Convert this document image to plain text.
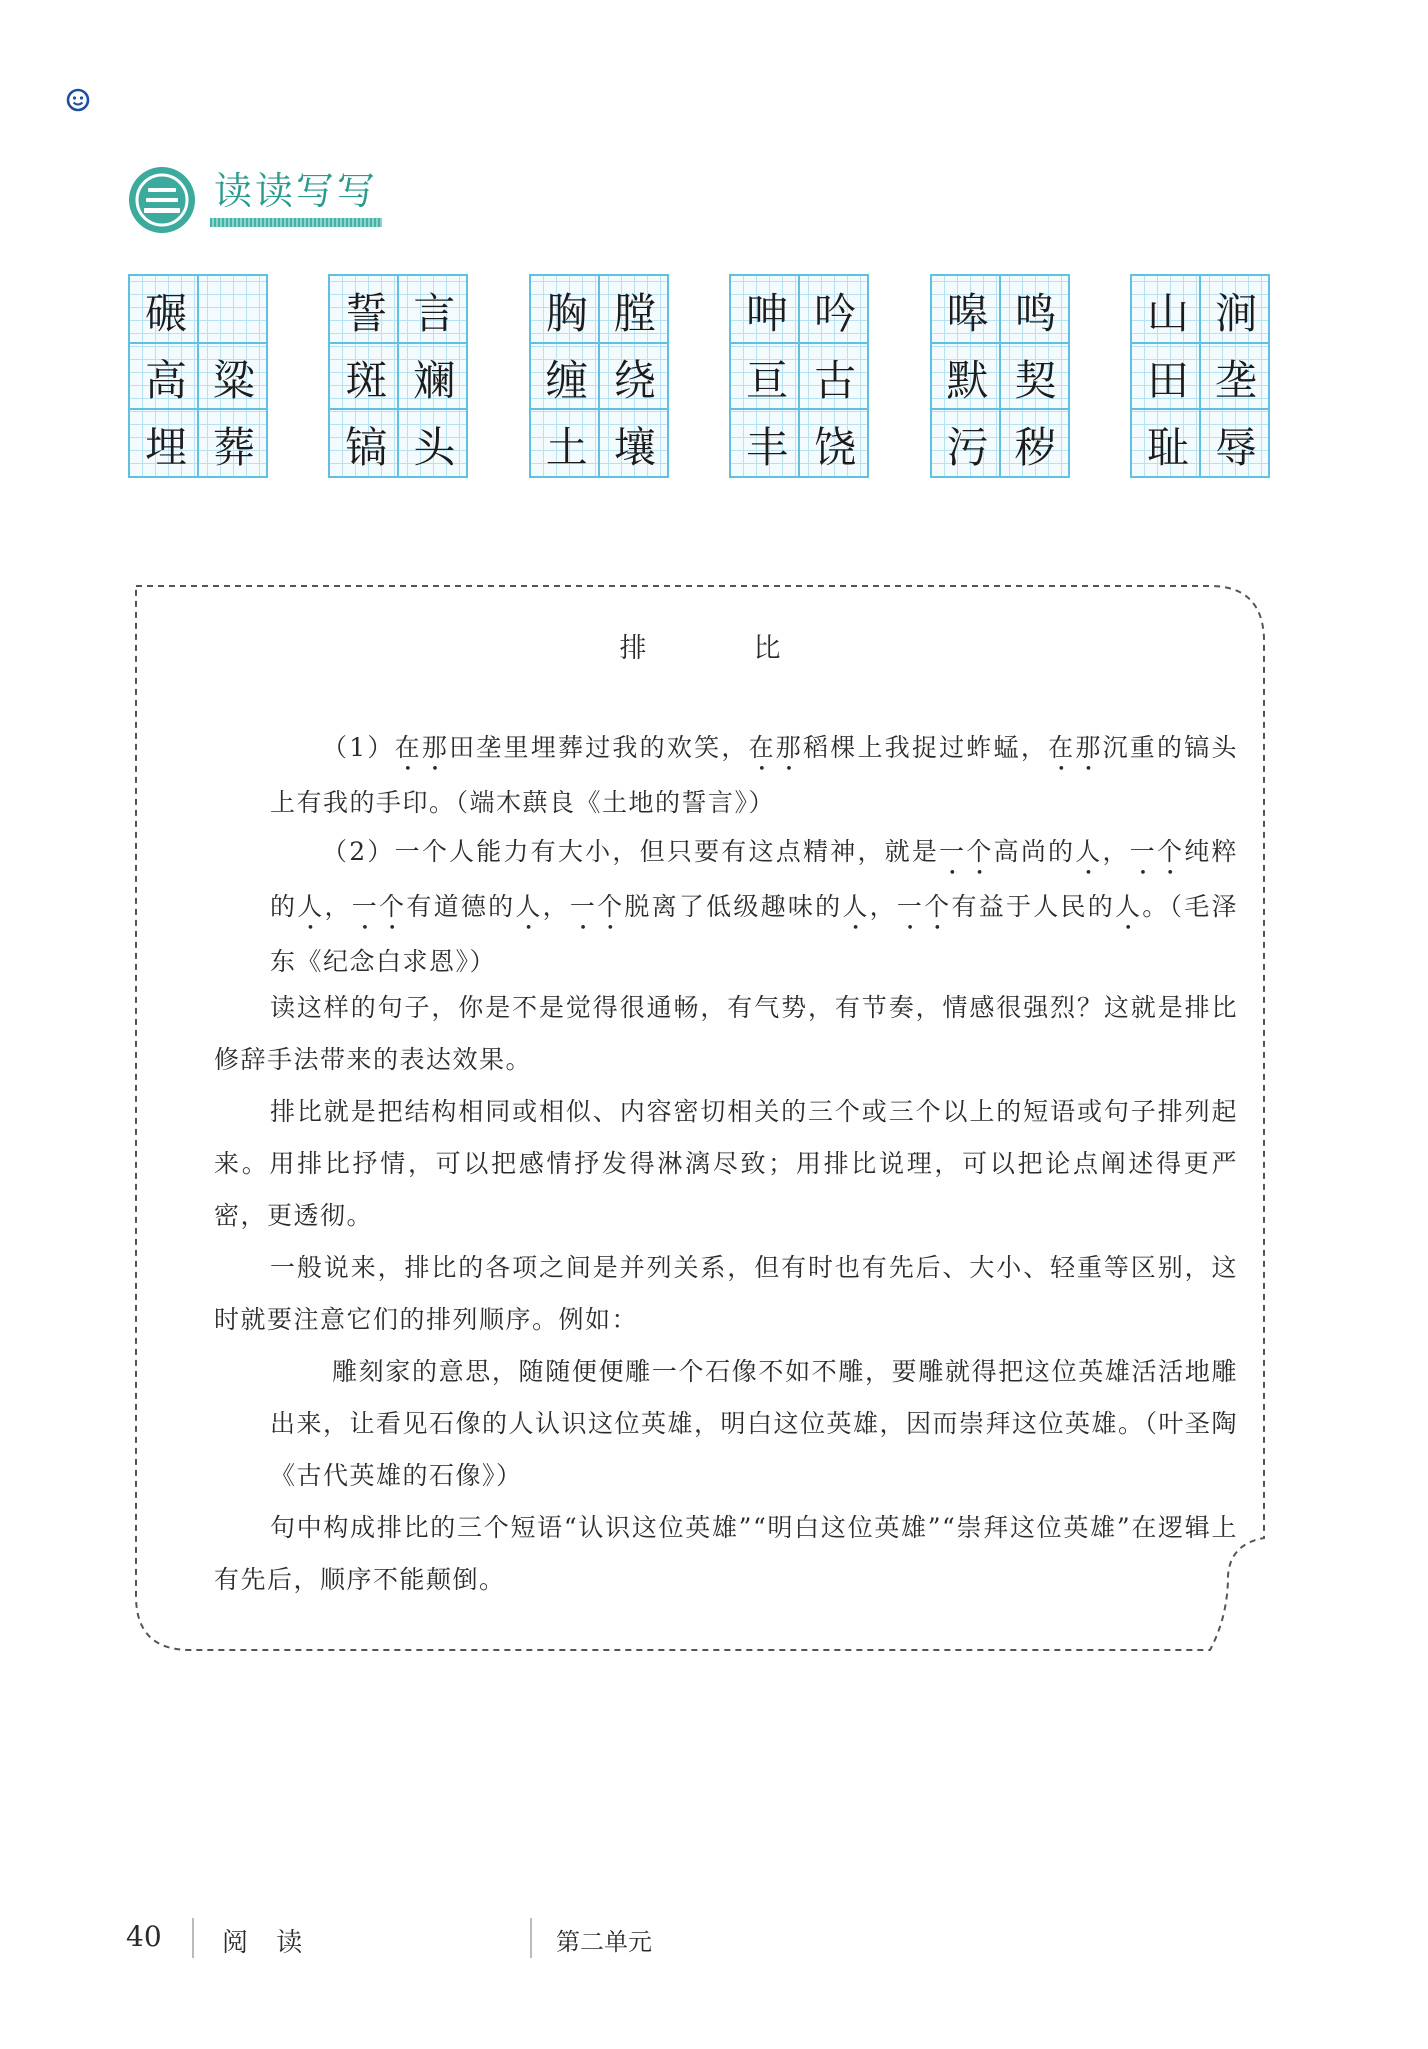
读读写写
碾
高 粱
埋 葬
誓 言
斑 斓
镐 头
胸 膛
缠 绕
土 壤
呻 吟
亘 古
丰 饶
嗥 鸣
默 契
污 秽
山 涧
田 垄
耻 辱
排　比

（1）在那田垄里埋葬过我的欢笑，在那稻棵上我捉过蚱蜢，在那沉重的镐头上有我的手印。（端木蕻良《土地的誓言》）

（2）一个人能力有大小，但只要有这点精神，就是一个高尚的人，一个纯粹的人，一个有道德的人，一个脱离了低级趣味的人，一个有益于人民的人。（毛泽东《纪念白求恩》）

读这样的句子，你是不是觉得很通畅，有气势，有节奏，情感很强烈？这就是排比修辞手法带来的表达效果。

排比就是把结构相同或相似、内容密切相关的三个或三个以上的短语或句子排列起来。用排比抒情，可以把感情抒发得淋漓尽致；用排比说理，可以把论点阐述得更严密，更透彻。

一般说来，排比的各项之间是并列关系，但有时也有先后、大小、轻重等区别，这时就要注意它们的排列顺序。例如：

雕刻家的意思，随随便便雕一个石像不如不雕，要雕就得把这位英雄活活地雕出来，让看见石像的人认识这位英雄，明白这位英雄，因而崇拜这位英雄。（叶圣陶《古代英雄的石像》）

句中构成排比的三个短语“认识这位英雄”“明白这位英雄”“崇拜这位英雄”在逻辑上有先后，顺序不能颠倒。

40 阅 读	第二单元
